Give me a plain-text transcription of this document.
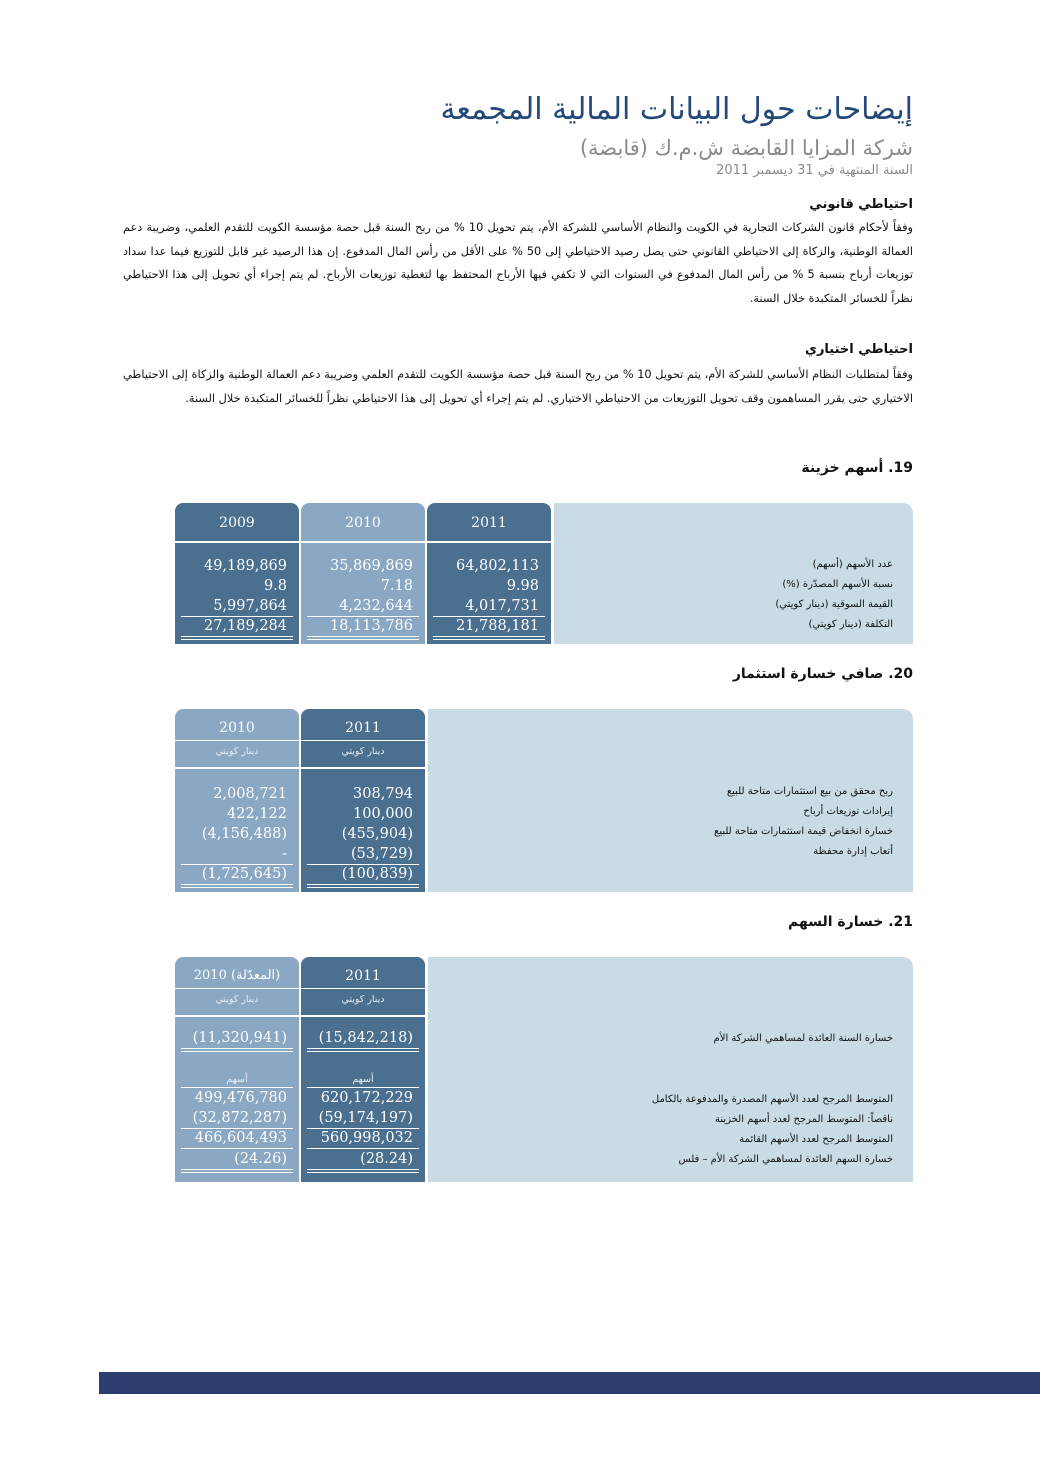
إيضاحات حول البيانات المالية المجمعة
شركة المزايا القابضة ش.م.ك (قابضة)
السنة المنتهية في 31 ديسمبر 2011
احتياطي قانوني
وفقاً لأحكام قانون الشركات التجارية في الكويت والنظام الأساسي للشركة الأم، يتم تحويل 10 % من ربح السنة قبل حصة مؤسسة الكويت للتقدم العلمي، وضريبة دعم العمالة الوطنية، والزكاة إلى الاحتياطي القانوني حتى يصل رصيد الاحتياطي إلى 50 % على الأقل من رأس المال المدفوع. إن هذا الرصيد غير قابل للتوزيع فيما عدا سداد توزيعات أرباح بنسبة 5 % من رأس المال المدفوع في السنوات التي لا تكفي فيها الأرباح المحتفظ بها لتغطية توزيعات الأرباح. لم يتم إجراء أي تحويل إلى هذا الاحتياطي نظراً للخسائر المتكبدة خلال السنة.
احتياطي اختياري
وفقاً لمتطلبات النظام الأساسي للشركة الأم، يتم تحويل 10 % من ربح السنة قبل حصة مؤسسة الكويت للتقدم العلمي وضريبة دعم العمالة الوطنية والزكاة إلى الاحتياطي الاختياري حتى يقرر المساهمون وقف تحويل التوزيعات من الاحتياطي الاختياري. لم يتم إجراء أي تحويل إلى هذا الاحتياطي نظراً للخسائر المتكبدة خلال السنة.
19. أسهم خزينة
عدد الأسهم (أسهم)
نسبة الأسهم المصدّرة (%)
القيمة السوقية (دينار كويتي)
التكلفة (دينار كويتي)
2011
64,802,113
9.98
4,017,731
21,788,181
2010
35,869,869
7.18
4,232,644
18,113,786
2009
49,189,869
9.8
5,997,864
27,189,284
20. صافي خسارة استثمار
ربح محقق من بيع استثمارات متاحة للبيع
إيرادات توزيعات أرباح
خسارة انخفاض قيمة استثمارات متاحة للبيع
أتعاب إدارة محفظة
2011
دينار كويتي
308,794
100,000
(455,904)
(53,729)
(100,839)
2010
دينار كويتي
2,008,721
422,122
(4,156,488)
-
(1,725,645)
21. خسارة السهم
خسارة السنة العائدة لمساهمي الشركة الأم
المتوسط المرجح لعدد الأسهم المصدرة والمدفوعة بالكامل
ناقصاً: المتوسط المرجح لعدد أسهم الخزينة
المتوسط المرجح لعدد الأسهم القائمة
خسارة السهم العائدة لمساهمي الشركة الأم – فلس
2011
دينار كويتي
(15,842,218)
أسهم
620,172,229
(59,174,197)
560,998,032
(28.24)
2010 (المعدّلة)
دينار كويتي
(11,320,941)
أسهم
499,476,780
(32,872,287)
466,604,493
(24.26)
